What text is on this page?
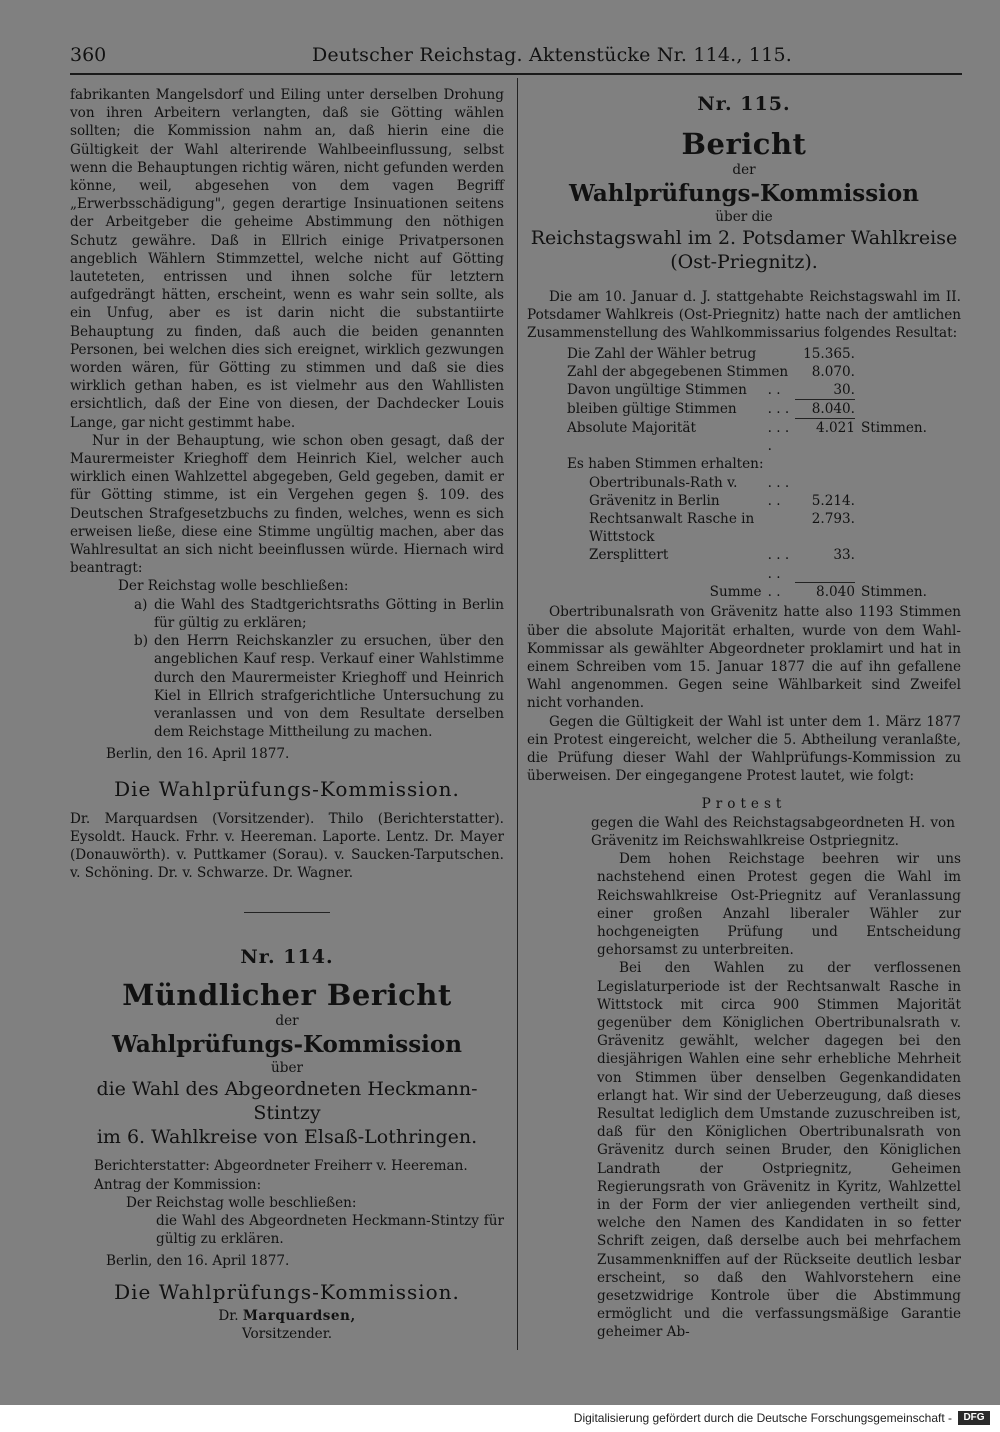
360	Deutscher Reichstag. Aktenstücke Nr. 114., 115.

fabrikanten Mangelsdorf und Eiling unter derselben Drohung von ihren Arbeitern verlangten, daß sie Götting wählen sollten; die Kommission nahm an, daß hierin eine die Gültigkeit der Wahl alterirende Wahlbeeinflussung, selbst wenn die Behauptungen richtig wären, nicht gefunden werden könne, weil, abgesehen von dem vagen Begriff „Erwerbsschädigung", gegen derartige Insinuationen seitens der Arbeitgeber die geheime Abstimmung den nöthigen Schutz gewähre. Daß in Ellrich einige Privatpersonen angeblich Wählern Stimmzettel, welche nicht auf Götting lauteteten, entrissen und ihnen solche für letztern aufgedrängt hätten, erscheint, wenn es wahr sein sollte, als ein Unfug, aber es ist darin nicht die substantiirte Behauptung zu finden, daß auch die beiden genannten Personen, bei welchen dies sich ereignet, wirklich gezwungen worden wären, für Götting zu stimmen und daß sie dies wirklich gethan haben, es ist vielmehr aus den Wahllisten ersichtlich, daß der Eine von diesen, der Dachdecker Louis Lange, gar nicht gestimmt habe.

Nur in der Behauptung, wie schon oben gesagt, daß der Maurermeister Krieghoff dem Heinrich Kiel, welcher auch wirklich einen Wahlzettel abgegeben, Geld gegeben, damit er für Götting stimme, ist ein Vergehen gegen §. 109. des Deutschen Strafgesetzbuchs zu finden, welches, wenn es sich erweisen ließe, diese eine Stimme ungültig machen, aber das Wahlresultat an sich nicht beeinflussen würde. Hiernach wird beantragt:

Der Reichstag wolle beschließen:

a) die Wahl des Stadtgerichtsraths Götting in Berlin für gültig zu erklären;
b) den Herrn Reichskanzler zu ersuchen, über den angeblichen Kauf resp. Verkauf einer Wahlstimme durch den Maurermeister Krieghoff und Heinrich Kiel in Ellrich strafgerichtliche Untersuchung zu veranlassen und von dem Resultate derselben dem Reichstage Mittheilung zu machen.

Berlin, den 16. April 1877.

Die Wahlprüfungs-Kommission.

Dr. Marquardsen (Vorsitzender). Thilo (Berichterstatter). Eysoldt. Hauck. Frhr. v. Heereman. Laporte. Lentz. Dr. Mayer (Donauwörth). v. Puttkamer (Sorau). v. Saucken-Tarputschen. v. Schöning. Dr. v. Schwarze. Dr. Wagner.

Nr. 114.

Mündlicher Bericht

der

Wahlprüfungs-Kommission

über

die Wahl des Abgeordneten Heckmann-Stintzy

im 6. Wahlkreise von Elsaß-Lothringen.

Berichterstatter: Abgeordneter Freiherr v. Heereman.

Antrag der Kommission:

Der Reichstag wolle beschließen:

die Wahl des Abgeordneten Heckmann-Stintzy für gültig zu erklären.

Berlin, den 16. April 1877.

Die Wahlprüfungs-Kommission.

Dr. Marquardsen,

Vorsitzender.

Nr. 115.

Bericht

der

Wahlprüfungs-Kommission

über die

Reichstagswahl im 2. Potsdamer Wahlkreise

(Ost-Priegnitz).

Die am 10. Januar d. J. stattgehabte Reichstagswahl im II. Potsdamer Wahlkreis (Ost-Priegnitz) hatte nach der amtlichen Zusammenstellung des Wahlkommissarius folgendes Resultat:

Die Zahl der Wähler betrug		15.365.	
Zahl der abgegebenen Stimmen		8.070.	
Davon ungültige Stimmen	. .	30.	
bleiben gültige Stimmen	. . .	8.040.	
Absolute Majorität	. . . .	4.021	Stimmen.
Es haben Stimmen erhalten:			
Obertribunals-Rath v. Grävenitz in Berlin	. . . . .	5.214.	
Rechtsanwalt Rasche in Wittstock		2.793.	
Zersplittert	. . . . .	33.	
Summe	. .	8.040	Stimmen.

Obertribunalsrath von Grävenitz hatte also 1193 Stimmen über die absolute Majorität erhalten, wurde von dem Wahl-Kommissar als gewählter Abgeordneter proklamirt und hat in einem Schreiben vom 15. Januar 1877 die auf ihn gefallene Wahl angenommen. Gegen seine Wählbarkeit sind Zweifel nicht vorhanden.

Gegen die Gültigkeit der Wahl ist unter dem 1. März 1877 ein Protest eingereicht, welcher die 5. Abtheilung veranlaßte, die Prüfung dieser Wahl der Wahlprüfungs-Kommission zu überweisen. Der eingegangene Protest lautet, wie folgt:

Protest

gegen die Wahl des Reichstagsabgeordneten H. von Grävenitz im Reichswahlkreise Ostpriegnitz.

Dem hohen Reichstage beehren wir uns nachstehend einen Protest gegen die Wahl im Reichswahlkreise Ost-Priegnitz auf Veranlassung einer großen Anzahl liberaler Wähler zur hochgeneigten Prüfung und Entscheidung gehorsamst zu unterbreiten.

Bei den Wahlen zu der verflossenen Legislaturperiode ist der Rechtsanwalt Rasche in Wittstock mit circa 900 Stimmen Majorität gegenüber dem Königlichen Obertribunalsrath v. Grävenitz gewählt, welcher dagegen bei den diesjährigen Wahlen eine sehr erhebliche Mehrheit von Stimmen über denselben Gegenkandidaten erlangt hat. Wir sind der Ueberzeugung, daß dieses Resultat lediglich dem Umstande zuzuschreiben ist, daß für den Königlichen Obertribunalsrath von Grävenitz durch seinen Bruder, den Königlichen Landrath der Ostpriegnitz, Geheimen Regierungsrath von Grävenitz in Kyritz, Wahlzettel in der Form der vier anliegenden vertheilt sind, welche den Namen des Kandidaten in so fetter Schrift zeigen, daß derselbe auch bei mehrfachem Zusammenkniffen auf der Rückseite deutlich lesbar erscheint, so daß den Wahlvorstehern eine gesetzwidrige Kontrole über die Abstimmung ermöglicht und die verfassungsmäßige Garantie geheimer Ab-

Digitalisierung gefördert durch die Deutsche Forschungsgemeinschaft -	DFG
